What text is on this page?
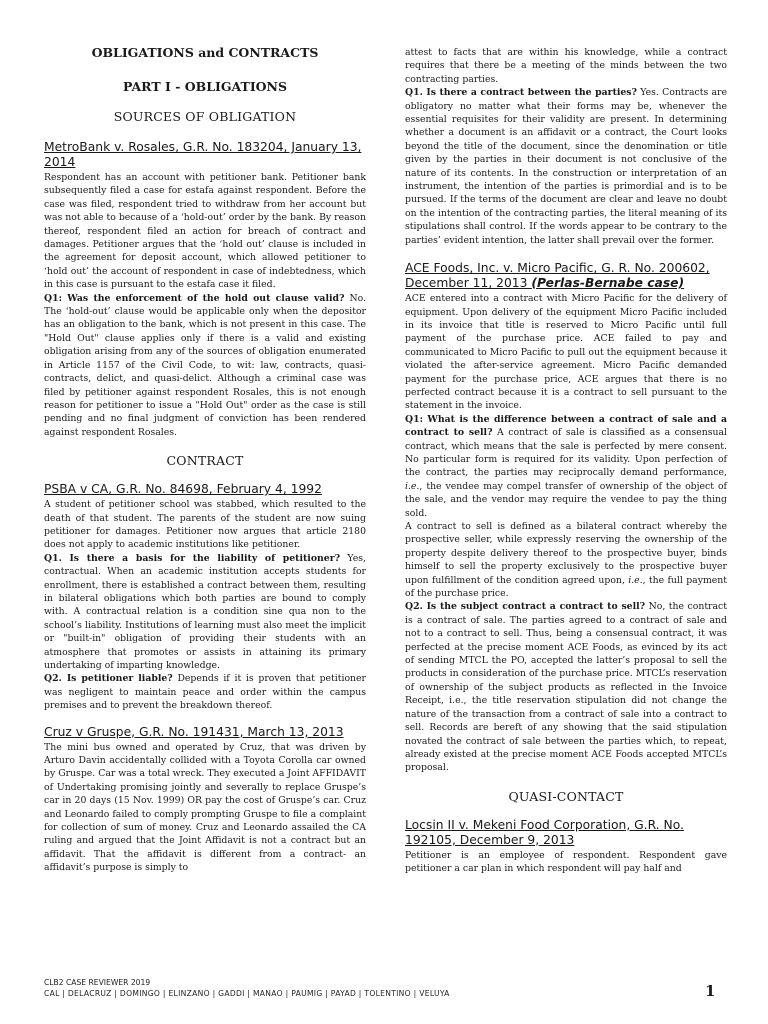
OBLIGATIONS and CONTRACTS
PART I - OBLIGATIONS
SOURCES OF OBLIGATION
MetroBank v. Rosales, G.R. No. 183204, January 13, 2014

Respondent has an account with petitioner bank. Petitioner bank subsequently filed a case for estafa against respondent. Before the case was filed, respondent tried to withdraw from her account but was not able to because of a ‘hold-out’ order by the bank. By reason thereof, respondent filed an action for breach of contract and damages. Petitioner argues that the ‘hold out’ clause is included in the agreement for deposit account, which allowed petitioner to ‘hold out’ the account of respondent in case of indebtedness, which in this case is pursuant to the estafa case it filed.

Q1: Was the enforcement of the hold out clause valid? No. The ‘hold-out’ clause would be applicable only when the depositor has an obligation to the bank, which is not present in this case. The "Hold Out" clause applies only if there is a valid and existing obligation arising from any of the sources of obligation enumerated in Article 1157 of the Civil Code, to wit: law, contracts, quasi-contracts, delict, and quasi-delict. Although a criminal case was filed by petitioner against respondent Rosales, this is not enough reason for petitioner to issue a "Hold Out" order as the case is still pending and no final judgment of conviction has been rendered against respondent Rosales.

CONTRACT
PSBA v CA, G.R. No. 84698, February 4, 1992

A student of petitioner school was stabbed, which resulted to the death of that student. The parents of the student are now suing petitioner for damages. Petitioner now argues that article 2180 does not apply to academic institutions like petitioner.

Q1. Is there a basis for the liability of petitioner? Yes, contractual. When an academic institution accepts students for enrollment, there is established a contract between them, resulting in bilateral obligations which both parties are bound to comply with. A contractual relation is a condition sine qua non to the school’s liability. Institutions of learning must also meet the implicit or "built-in" obligation of providing their students with an atmosphere that promotes or assists in attaining its primary undertaking of imparting knowledge.

Q2. Is petitioner liable? Depends if it is proven that petitioner was negligent to maintain peace and order within the campus premises and to prevent the breakdown thereof.

Cruz v Gruspe, G.R. No. 191431, March 13, 2013

The mini bus owned and operated by Cruz, that was driven by Arturo Davin accidentally collided with a Toyota Corolla car owned by Gruspe. Car was a total wreck. They executed a Joint AFFIDAVIT of Undertaking promising jointly and severally to replace Gruspe’s car in 20 days (15 Nov. 1999) OR pay the cost of Gruspe’s car. Cruz and Leonardo failed to comply prompting Gruspe to file a complaint for collection of sum of money. Cruz and Leonardo assailed the CA ruling and argued that the Joint Affidavit is not a contract but an affidavit. That the affidavit is different from a contract- an affidavit’s purpose is simply to

attest to facts that are within his knowledge, while a contract requires that there be a meeting of the minds between the two contracting parties.

Q1. Is there a contract between the parties? Yes. Contracts are obligatory no matter what their forms may be, whenever the essential requisites for their validity are present. In determining whether a document is an affidavit or a contract, the Court looks beyond the title of the document, since the denomination or title given by the parties in their document is not conclusive of the nature of its contents. In the construction or interpretation of an instrument, the intention of the parties is primordial and is to be pursued. If the terms of the document are clear and leave no doubt on the intention of the contracting parties, the literal meaning of its stipulations shall control. If the words appear to be contrary to the parties’ evident intention, the latter shall prevail over the former.

ACE Foods, Inc. v. Micro Pacific, G. R. No. 200602, December 11, 2013 (Perlas-Bernabe case)

ACE entered into a contract with Micro Pacific for the delivery of equipment. Upon delivery of the equipment Micro Pacific included in its invoice that title is reserved to Micro Pacific until full payment of the purchase price. ACE failed to pay and communicated to Micro Pacific to pull out the equipment because it violated the after-service agreement. Micro Pacific demanded payment for the purchase price, ACE argues that there is no perfected contract because it is a contract to sell pursuant to the statement in the invoice.

Q1: What is the difference between a contract of sale and a contract to sell? A contract of sale is classified as a consensual contract, which means that the sale is perfected by mere consent. No particular form is required for its validity. Upon perfection of the contract, the parties may reciprocally demand performance, i.e., the vendee may compel transfer of ownership of the object of the sale, and the vendor may require the vendee to pay the thing sold.

A contract to sell is defined as a bilateral contract whereby the prospective seller, while expressly reserving the ownership of the property despite delivery thereof to the prospective buyer, binds himself to sell the property exclusively to the prospective buyer upon fulfillment of the condition agreed upon, i.e., the full payment of the purchase price.

Q2. Is the subject contract a contract to sell? No, the contract is a contract of sale. The parties agreed to a contract of sale and not to a contract to sell. Thus, being a consensual contract, it was perfected at the precise moment ACE Foods, as evinced by its act of sending MTCL the PO, accepted the latter’s proposal to sell the products in consideration of the purchase price. MTCL’s reservation of ownership of the subject products as reflected in the Invoice Receipt, i.e., the title reservation stipulation did not change the nature of the transaction from a contract of sale into a contract to sell. Records are bereft of any showing that the said stipulation novated the contract of sale between the parties which, to repeat, already existed at the precise moment ACE Foods accepted MTCL’s proposal.

QUASI-CONTACT
Locsin II v. Mekeni Food Corporation, G.R. No. 192105, December 9, 2013

Petitioner is an employee of respondent. Respondent gave petitioner a car plan in which respondent will pay half and

CLB2 CASE REVIEWER 2019
CAL | DELACRUZ | DOMINGO | ELINZANO | GADDI | MANAO | PAUMIG | PAYAD | TOLENTINO | VELUYA	1
